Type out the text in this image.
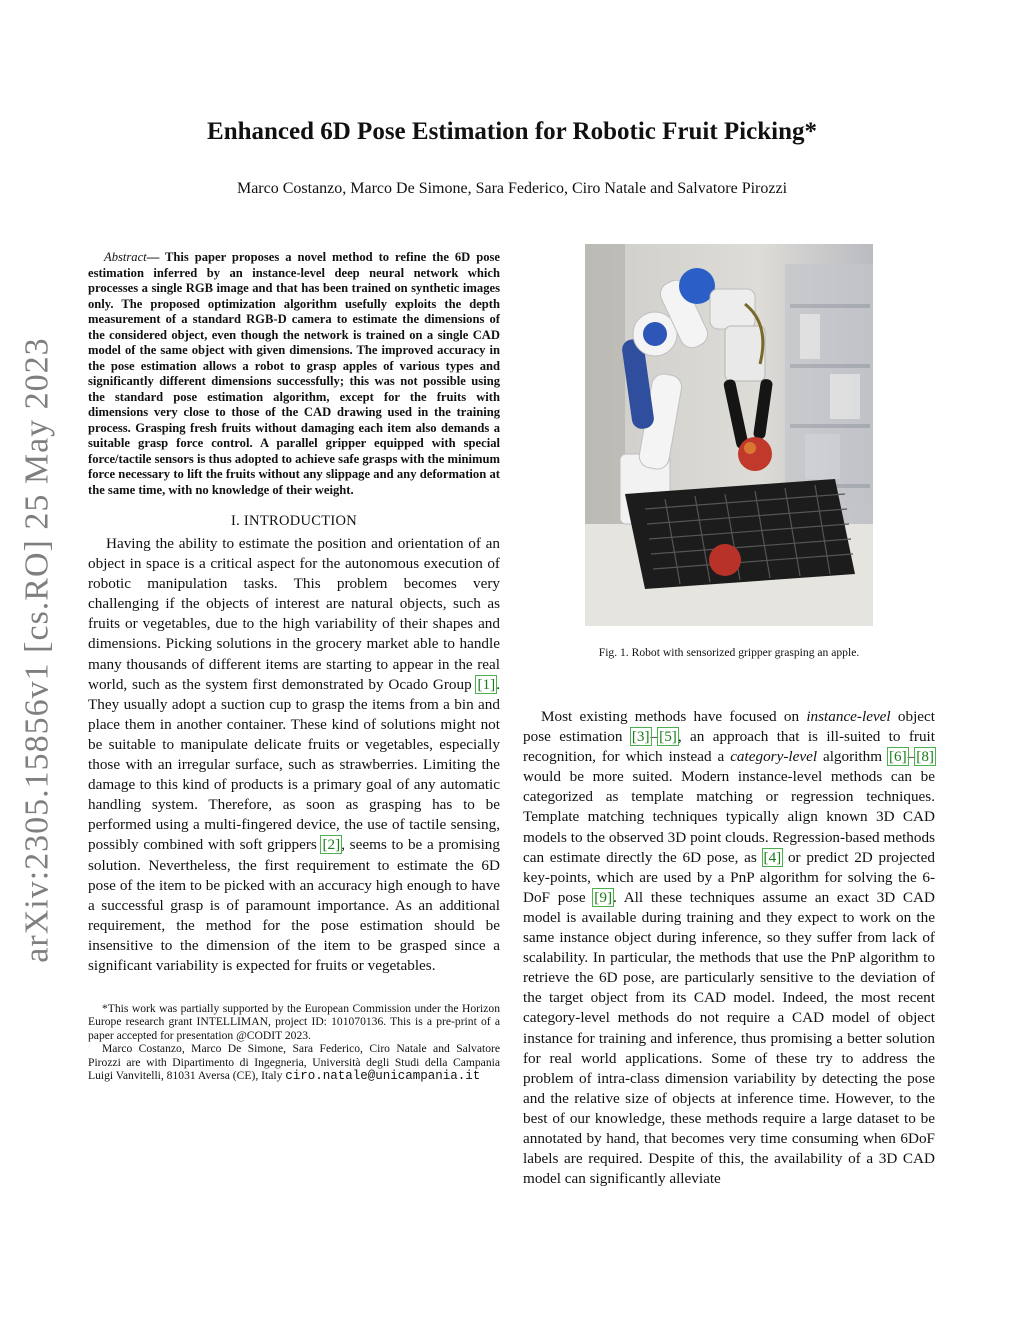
arXiv:2305.15856v1 [cs.RO] 25 May 2023
Enhanced 6D Pose Estimation for Robotic Fruit Picking*
Marco Costanzo, Marco De Simone, Sara Federico, Ciro Natale and Salvatore Pirozzi

Abstract— This paper proposes a novel method to refine the 6D pose estimation inferred by an instance-level deep neural network which processes a single RGB image and that has been trained on synthetic images only. The proposed optimization algorithm usefully exploits the depth measurement of a standard RGB-D camera to estimate the dimensions of the considered object, even though the network is trained on a single CAD model of the same object with given dimensions. The improved accuracy in the pose estimation allows a robot to grasp apples of various types and significantly different dimensions successfully; this was not possible using the standard pose estimation algorithm, except for the fruits with dimensions very close to those of the CAD drawing used in the training process. Grasping fresh fruits without damaging each item also demands a suitable grasp force control. A parallel gripper equipped with special force/tactile sensors is thus adopted to achieve safe grasps with the minimum force necessary to lift the fruits without any slippage and any deformation at the same time, with no knowledge of their weight.

I. INTRODUCTION

Having the ability to estimate the position and orientation of an object in space is a critical aspect for the autonomous execution of robotic manipulation tasks. This problem becomes very challenging if the objects of interest are natural objects, such as fruits or vegetables, due to the high variability of their shapes and dimensions. Picking solutions in the grocery market able to handle many thousands of different items are starting to appear in the real world, such as the system first demonstrated by Ocado Group [1]. They usually adopt a suction cup to grasp the items from a bin and place them in another container. These kind of solutions might not be suitable to manipulate delicate fruits or vegetables, especially those with an irregular surface, such as strawberries. Limiting the damage to this kind of products is a primary goal of any automatic handling system. Therefore, as soon as grasping has to be performed using a multi-fingered device, the use of tactile sensing, possibly combined with soft grippers [2], seems to be a promising solution. Nevertheless, the first requirement to estimate the 6D pose of the item to be picked with an accuracy high enough to have a successful grasp is of paramount importance. As an additional requirement, the method for the pose estimation should be insensitive to the dimension of the item to be grasped since a significant variability is expected for fruits or vegetables.

*This work was partially supported by the European Commission under the Horizon Europe research grant INTELLIMAN, project ID: 101070136. This is a pre-print of a paper accepted for presentation @CODIT 2023.

Marco Costanzo, Marco De Simone, Sara Federico, Ciro Natale and Salvatore Pirozzi are with Dipartimento di Ingegneria, Università degli Studi della Campania Luigi Vanvitelli, 81031 Aversa (CE), Italy ciro.natale@unicampania.it

Fig. 1. Robot with sensorized gripper grasping an apple.

Most existing methods have focused on instance-level object pose estimation [3]–[5], an approach that is ill-suited to fruit recognition, for which instead a category-level algorithm [6]–[8] would be more suited. Modern instance-level methods can be categorized as template matching or regression techniques. Template matching techniques typically align known 3D CAD models to the observed 3D point clouds. Regression-based methods can estimate directly the 6D pose, as [4] or predict 2D projected key-points, which are used by a PnP algorithm for solving the 6-DoF pose [9]. All these techniques assume an exact 3D CAD model is available during training and they expect to work on the same instance object during inference, so they suffer from lack of scalability. In particular, the methods that use the PnP algorithm to retrieve the 6D pose, are particularly sensitive to the deviation of the target object from its CAD model. Indeed, the most recent category-level methods do not require a CAD model of object instance for training and inference, thus promising a better solution for real world applications. Some of these try to address the problem of intra-class dimension variability by detecting the pose and the relative size of objects at inference time. However, to the best of our knowledge, these methods require a large dataset to be annotated by hand, that becomes very time consuming when 6DoF labels are required. Despite of this, the availability of a 3D CAD model can significantly alleviate
